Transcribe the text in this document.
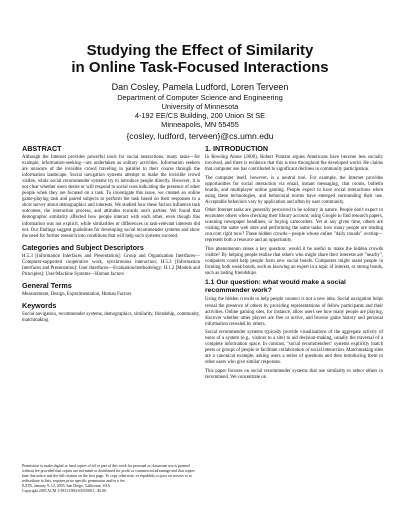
Studying the Effect of Similarity
in Online Task-Focused Interactions
Dan Cosley, Pamela Ludford, Loren Terveen
Department of Computer Science and Engineering
University of Minnesota
4-192 EE/CS Building, 200 Union St SE
Minneapolis, MN 55455
{cosley, ludford, terveen}@cs.umn.edu
ABSTRACT

Although the Internet provides powerful tools for social interactions, many tasks—for example, information-seeking—are undertaken as solitary activities. Information seekers are unaware of the invisible crowd traveling in parallel to their course through the information landscape. Social navigation systems attempt to make the invisible crowd visible, while social recommender systems try to introduce people directly. However, it is not clear whether users desire or will respond to social cues indicating the presence of other people when they are focused on a task. To investigate this issue, we created an online game-playing task and paired subjects to perform the task based on their responses to a short survey about demographics and interests. We studied how these factors influence task outcomes, the interaction process, and attitudes towards one's partner. We found that demographic similarity affected how people interact with each other, even though this information was not explicit, while similarities or differences in task-relevant interests did not. Our findings suggest guidelines for developing social recommender systems and show the need for further research into conditions that will help such systems succeed.

Categories and Subject Descriptors

H.5.3 [Information Interfaces and Presentation]: Group and Organization Interfaces—Computer-supported cooperative work, synchronous interaction; H.5.2 [Information Interfaces and Presentation]: User Interfaces—Evaluation/methodology; H.1.2 [Models and Principles]: User/Machine Systems—Human factors

General Terms

Measurement, Design, Experimentation, Human Factors

Keywords

Social navigation, recommender systems, demographics, similarity, friendship, community, matchmaking

Permission to make digital or hard copies of all or part of this work for personal or classroom use is granted without fee provided that copies are not made or distributed for profit or commercial advantage and that copies bear this notice and the full citation on the first page. To copy otherwise, or republish, to post on servers or to redistribute to lists, requires prior specific permission and/or a fee.

IUI'05, January 9–12, 2005, San Diego, California, USA.

Copyright 2005 ACM 1-58113-894-6/05/0001...$5.00.

1. INTRODUCTION

In Bowling Alone (2000), Robert Putnam argues Americans have become less socially involved, and there is evidence that this is true throughout the developed world. He claims that computer use has contributed to significant declines in community participation.

The computer itself, however, is a neutral tool. For example, the Internet provides opportunities for social interaction via email, instant messaging, chat rooms, bulletin boards, and multiplayer online gaming. People expect to have social interactions when using these technologies, and behavioral norms have emerged surrounding their use. Acceptable behaviors vary by application and often by user community.

Other Internet tasks are generally perceived to be solitary in nature. People don't expect to encounter others when checking their library account, using Google to find research papers, scanning newspaper headlines, or buying camcorders. Yet at any given time, others are visiting the same web sites and performing the same tasks: how many people are reading cnn.com right now? These hidden crowds—people whose online "daily rounds" overlap—represent both a resource and an opportunity.

This phenomenon raises a key question: would it be useful to make the hidden crowds visible? By helping people realize that others who might share their interests are "nearby", computers could help people form new social bonds. Computers might assist people in forming both weak bonds, such as knowing an expert in a topic of interest, or strong bonds, such as lasting friendships.

1.1 Our question: what would make a social
recommender work?

Using the hidden crowds to help people connect is not a new idea. Social navigation helps reveal the presence of others by providing representations of fellow participants and their activities. Online gaming sites, for instance, allow users see how many people are playing, discover whether other players are free or active, and browse game history and personal information revealed by others.

Social recommender systems typically provide visualizations of the aggregate activity of users of a system (e.g., visitors to a site) to aid decision-making, usually the traversal of a complete information space. In contrast, "social recommenders" systems explicitly match peers or groups of people to facilitate collaboration or social interaction. Matchmaking sites are a canonical example, asking users a series of questions and then introducing them to other users who give similar responses.

This paper focuses on social recommender systems that use similarity to select others to recommend. We concentrate on
